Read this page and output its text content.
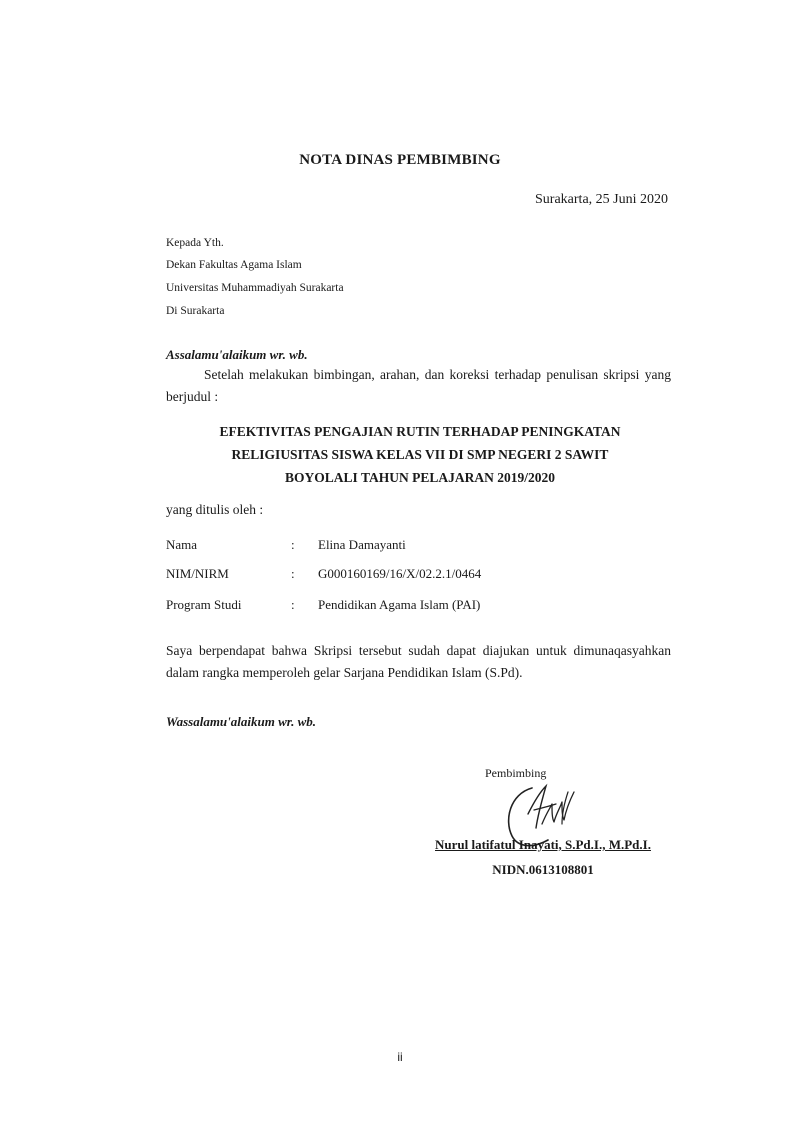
NOTA DINAS PEMBIMBING

Surakarta, 25 Juni 2020

Kepada Yth.

Dekan Fakultas Agama Islam

Universitas Muhammadiyah Surakarta

Di Surakarta

Assalamu'alaikum wr. wb.

Setelah melakukan bimbingan, arahan, dan koreksi terhadap penulisan skripsi yang berjudul :

EFEKTIVITAS PENGAJIAN RUTIN TERHADAP PENINGKATAN
RELIGIUSITAS SISWA KELAS VII DI SMP NEGERI 2 SAWIT
BOYOLALI TAHUN PELAJARAN 2019/2020

yang ditulis oleh :

Nama	: Elina Damayanti
NIM/NIRM	: G000160169/16/X/02.2.1/0464
Program Studi	: Pendidikan Agama Islam (PAI)

Saya berpendapat bahwa Skripsi tersebut sudah dapat diajukan untuk dimunaqasyahkan dalam rangka memperoleh gelar Sarjana Pendidikan Islam (S.Pd).

Wassalamu'alaikum wr. wb.

Pembimbing

Nurul latifatul Inayati, S.Pd.I., M.Pd.I.

NIDN.0613108801

ii
